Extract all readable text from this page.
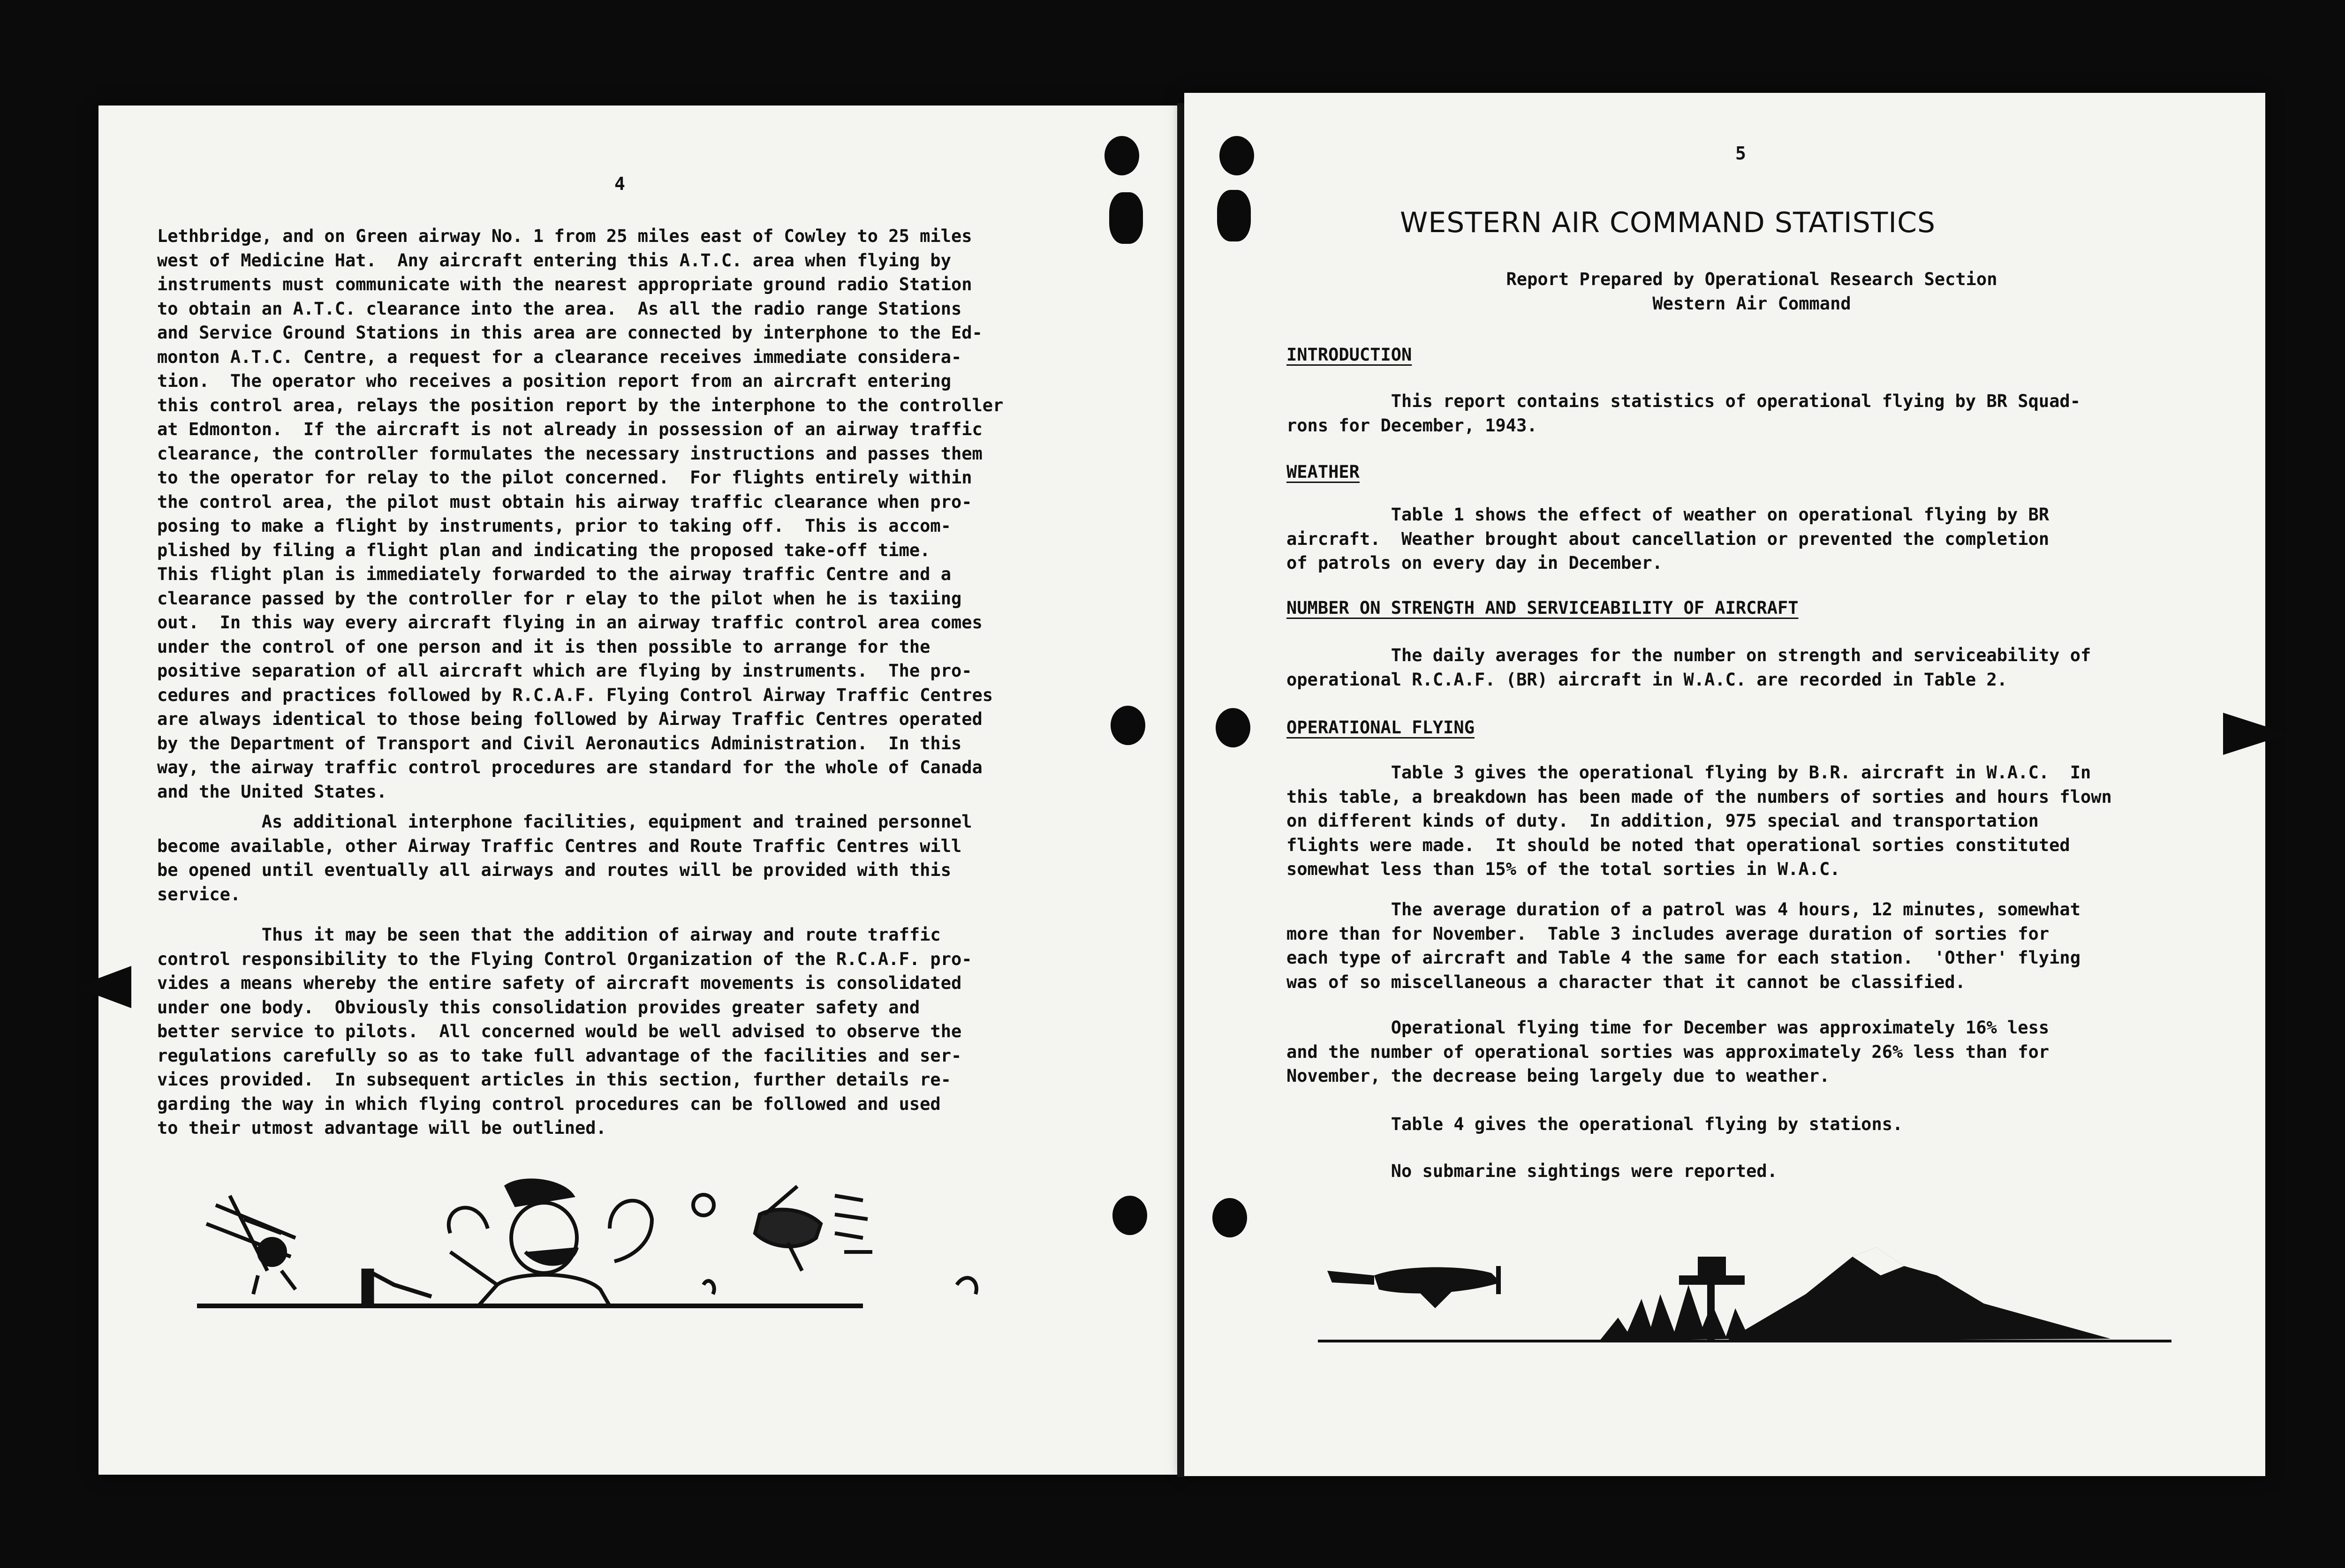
4
Lethbridge, and on Green airway No. 1 from 25 miles east of Cowley to 25 miles
west of Medicine Hat.  Any aircraft entering this A.T.C. area when flying by
instruments must communicate with the nearest appropriate ground radio Station
to obtain an A.T.C. clearance into the area.  As all the radio range Stations
and Service Ground Stations in this area are connected by interphone to the Ed-
monton A.T.C. Centre, a request for a clearance receives immediate considera-
tion.  The operator who receives a position report from an aircraft entering
this control area, relays the position report by the interphone to the controller
at Edmonton.  If the aircraft is not already in possession of an airway traffic
clearance, the controller formulates the necessary instructions and passes them
to the operator for relay to the pilot concerned.  For flights entirely within
the control area, the pilot must obtain his airway traffic clearance when pro-
posing to make a flight by instruments, prior to taking off.  This is accom-
plished by filing a flight plan and indicating the proposed take-off time.
This flight plan is immediately forwarded to the airway traffic Centre and a
clearance passed by the controller for r elay to the pilot when he is taxiing
out.  In this way every aircraft flying in an airway traffic control area comes
under the control of one person and it is then possible to arrange for the
positive separation of all aircraft which are flying by instruments.  The pro-
cedures and practices followed by R.C.A.F. Flying Control Airway Traffic Centres
are always identical to those being followed by Airway Traffic Centres operated
by the Department of Transport and Civil Aeronautics Administration.  In this
way, the airway traffic control procedures are standard for the whole of Canada
and the United States.
As additional interphone facilities, equipment and trained personnel
become available, other Airway Traffic Centres and Route Traffic Centres will
be opened until eventually all airways and routes will be provided with this
service.
Thus it may be seen that the addition of airway and route traffic
control responsibility to the Flying Control Organization of the R.C.A.F. pro-
vides a means whereby the entire safety of aircraft movements is consolidated
under one body.  Obviously this consolidation provides greater safety and
better service to pilots.  All concerned would be well advised to observe the
regulations carefully so as to take full advantage of the facilities and ser-
vices provided.  In subsequent articles in this section, further details re-
garding the way in which flying control procedures can be followed and used
to their utmost advantage will be outlined.
5
WESTERN AIR COMMAND STATISTICS
Report Prepared by Operational Research Section
Western Air Command
INTRODUCTION
This report contains statistics of operational flying by BR Squad-
rons for December, 1943.
WEATHER
Table 1 shows the effect of weather on operational flying by BR
aircraft.  Weather brought about cancellation or prevented the completion
of patrols on every day in December.
NUMBER ON STRENGTH AND SERVICEABILITY OF AIRCRAFT
The daily averages for the number on strength and serviceability of
operational R.C.A.F. (BR) aircraft in W.A.C. are recorded in Table 2.
OPERATIONAL FLYING
Table 3 gives the operational flying by B.R. aircraft in W.A.C.  In
this table, a breakdown has been made of the numbers of sorties and hours flown
on different kinds of duty.  In addition, 975 special and transportation
flights were made.  It should be noted that operational sorties constituted
somewhat less than 15% of the total sorties in W.A.C.
The average duration of a patrol was 4 hours, 12 minutes, somewhat
more than for November.  Table 3 includes average duration of sorties for
each type of aircraft and Table 4 the same for each station.  'Other' flying
was of so miscellaneous a character that it cannot be classified.
Operational flying time for December was approximately 16% less
and the number of operational sorties was approximately 26% less than for
November, the decrease being largely due to weather.
Table 4 gives the operational flying by stations.
No submarine sightings were reported.
